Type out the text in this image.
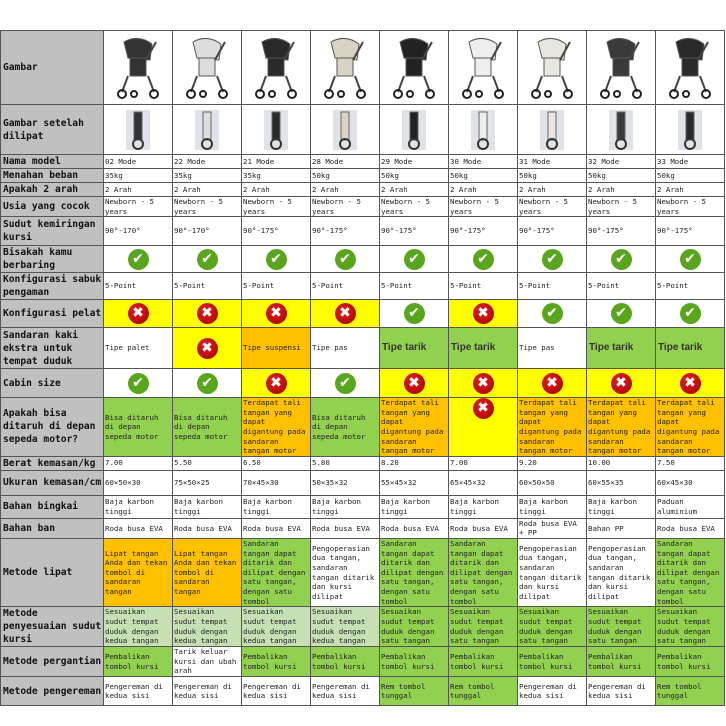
Gambar	

Gambar setelah dilipat	

Nama model	02 Mode	22 Mode	21 Mode	28 Mode	29 Mode	30 Mode	31 Mode	32 Mode	33 Mode
Menahan beban	35kg	35kg	35kg	50kg	50kg	50kg	50kg	50kg	50kg
Apakah 2 arah	2 Arah	2 Arah	2 Arah	2 Arah	2 Arah	2 Arah	2 Arah	2 Arah	2 Arah
Usia yang cocok	Newborn - 5 years	Newborn - 5 years	Newborn - 5 years	Newborn - 5 years	Newborn - 5 years	Newborn - 5 years	Newborn - 5 years	Newborn - 5 years	Newborn - 5 years
Sudut kemiringan kursi	90°-170°	90°-170°	90°-175°	90°-175°	90°-175°	90°-175°	90°-175°	90°-175°	90°-175°
Bisakah kamu berbaring	✔	✔	✔	✔	✔	✔	✔	✔	✔
Konfigurasi sabuk pengaman	5-Point	5-Point	5-Point	5-Point	5-Point	5-Point	5-Point	5-Point	5-Point
Konfigurasi pelat	✖	✖	✖	✖	✔	✖	✔	✔	✔
Sandaran kaki ekstra untuk tempat duduk	Tipe palet	✖	Tipe suspensi	Tipe pas	Tipe tarik	Tipe tarik	Tipe pas	Tipe tarik	Tipe tarik
Cabin size	✔	✔	✖	✔	✖	✖	✖	✖	✖
Apakah bisa ditaruh di depan sepeda motor?	Bisa ditaruh di depan sepeda motor	Bisa ditaruh di depan sepeda motor	Terdapat tali tangan yang dapat digantung pada sandaran tangan motor	Bisa ditaruh di depan sepeda motor	Terdapat tali tangan yang dapat digantung pada sandaran tangan motor	✖	Terdapat tali tangan yang dapat digantung pada sandaran tangan motor	Terdapat tali tangan yang dapat digantung pada sandaran tangan motor	Terdapat tali tangan yang dapat digantung pada sandaran tangan motor
Berat kemasan/kg	7.00	5.50	6.50	5.80	8.20	7.00	9.20	10.00	7.50
Ukuran kemasan/cm	60×50×30	75×50×25	70×45×30	50×35×32	55×45×32	65×45×32	60×50×50	60×55×35	60×45×30
Bahan bingkai	Baja karbon tinggi	Baja karbon tinggi	Baja karbon tinggi	Baja karbon tinggi	Baja karbon tinggi	Baja karbon tinggi	Baja karbon tinggi	Baja karbon tinggi	Paduan aluminium
Bahan ban	Roda busa EVA	Roda busa EVA	Roda busa EVA	Roda busa EVA	Roda busa EVA	Roda busa EVA	Roda busa EVA + PP	Bahan PP	Roda busa EVA
Metode lipat	Lipat tangan Anda dan tekan tombol di sandaran tangan	Lipat tangan Anda dan tekan tombol di sandaran tangan	Sandaran tangan dapat ditarik dan dilipat dengan satu tangan, dengan satu tombol	Pengoperasian dua tangan, sandaran tangan ditarik dan kursi dilipat	Sandaran tangan dapat ditarik dan dilipat dengan satu tangan, dengan satu tombol	Sandaran tangan dapat ditarik dan dilipat dengan satu tangan, dengan satu tombol	Pengoperasian dua tangan, sandaran tangan ditarik dan kursi dilipat	Pengoperasian dua tangan, sandaran tangan ditarik dan kursi dilipat	Sandaran tangan dapat ditarik dan dilipat dengan satu tangan, dengan satu tombol
Metode penyesuaian sudut kursi	Sesuaikan sudut tempat duduk dengan kedua tangan	Sesuaikan sudut tempat duduk dengan kedua tangan	Sesuaikan sudut tempat duduk dengan kedua tangan	Sesuaikan sudut tempat duduk dengan kedua tangan	Sesuaikan sudut tempat duduk dengan satu tangan	Sesuaikan sudut tempat duduk dengan satu tangan	Sesuaikan sudut tempat duduk dengan satu tangan	Sesuaikan sudut tempat duduk dengan satu tangan	Sesuaikan sudut tempat duduk dengan satu tangan
Metode pergantian	Pembalikan tombol kursi	Tarik keluar kursi dan ubah arah	Pembalikan tombol kursi	Pembalikan tombol kursi	Pembalikan tombol kursi	Pembalikan tombol kursi	Pembalikan tombol kursi	Pembalikan tombol kursi	Pembalikan tombol kursi
Metode pengereman	Pengereman di kedua sisi	Pengereman di kedua sisi	Pengereman di kedua sisi	Pengereman di kedua sisi	Rem tombol tunggal	Rem tombol tunggal	Pengereman di kedua sisi	Pengereman di kedua sisi	Rem tombol tunggal
